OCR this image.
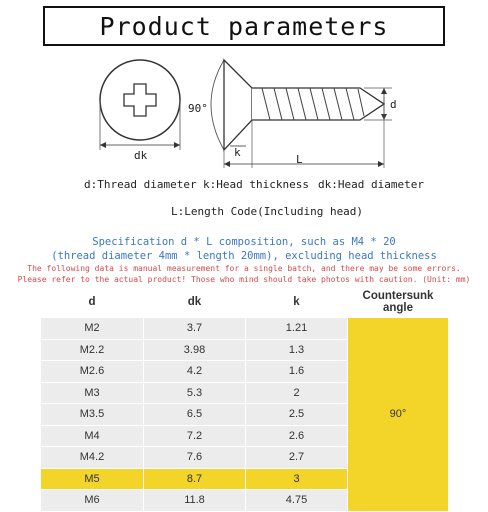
Product parameters
dk
90°	d
k
L
d:Thread diameter k:Head thickness dk:Head diameter
L:Length Code(Including head)
Specification d * L composition, such as M4 * 20
(thread diameter 4mm * length 20mm), excluding head thickness
The following data is manual measurement for a single batch, and there may be some errors.
Please refer to the actual product! Those who mind should take photos with caution. (Unit: mm)
d	dk	k	Countersunk angle
M2	3.7	1.21	90°
M2.2	3.98	1.3	
M2.6	4.2	1.6	
M3	5.3	2	
M3.5	6.5	2.5	
M4	7.2	2.6	
M4.2	7.6	2.7	
M5	8.7	3	
M6	11.8	4.75	
